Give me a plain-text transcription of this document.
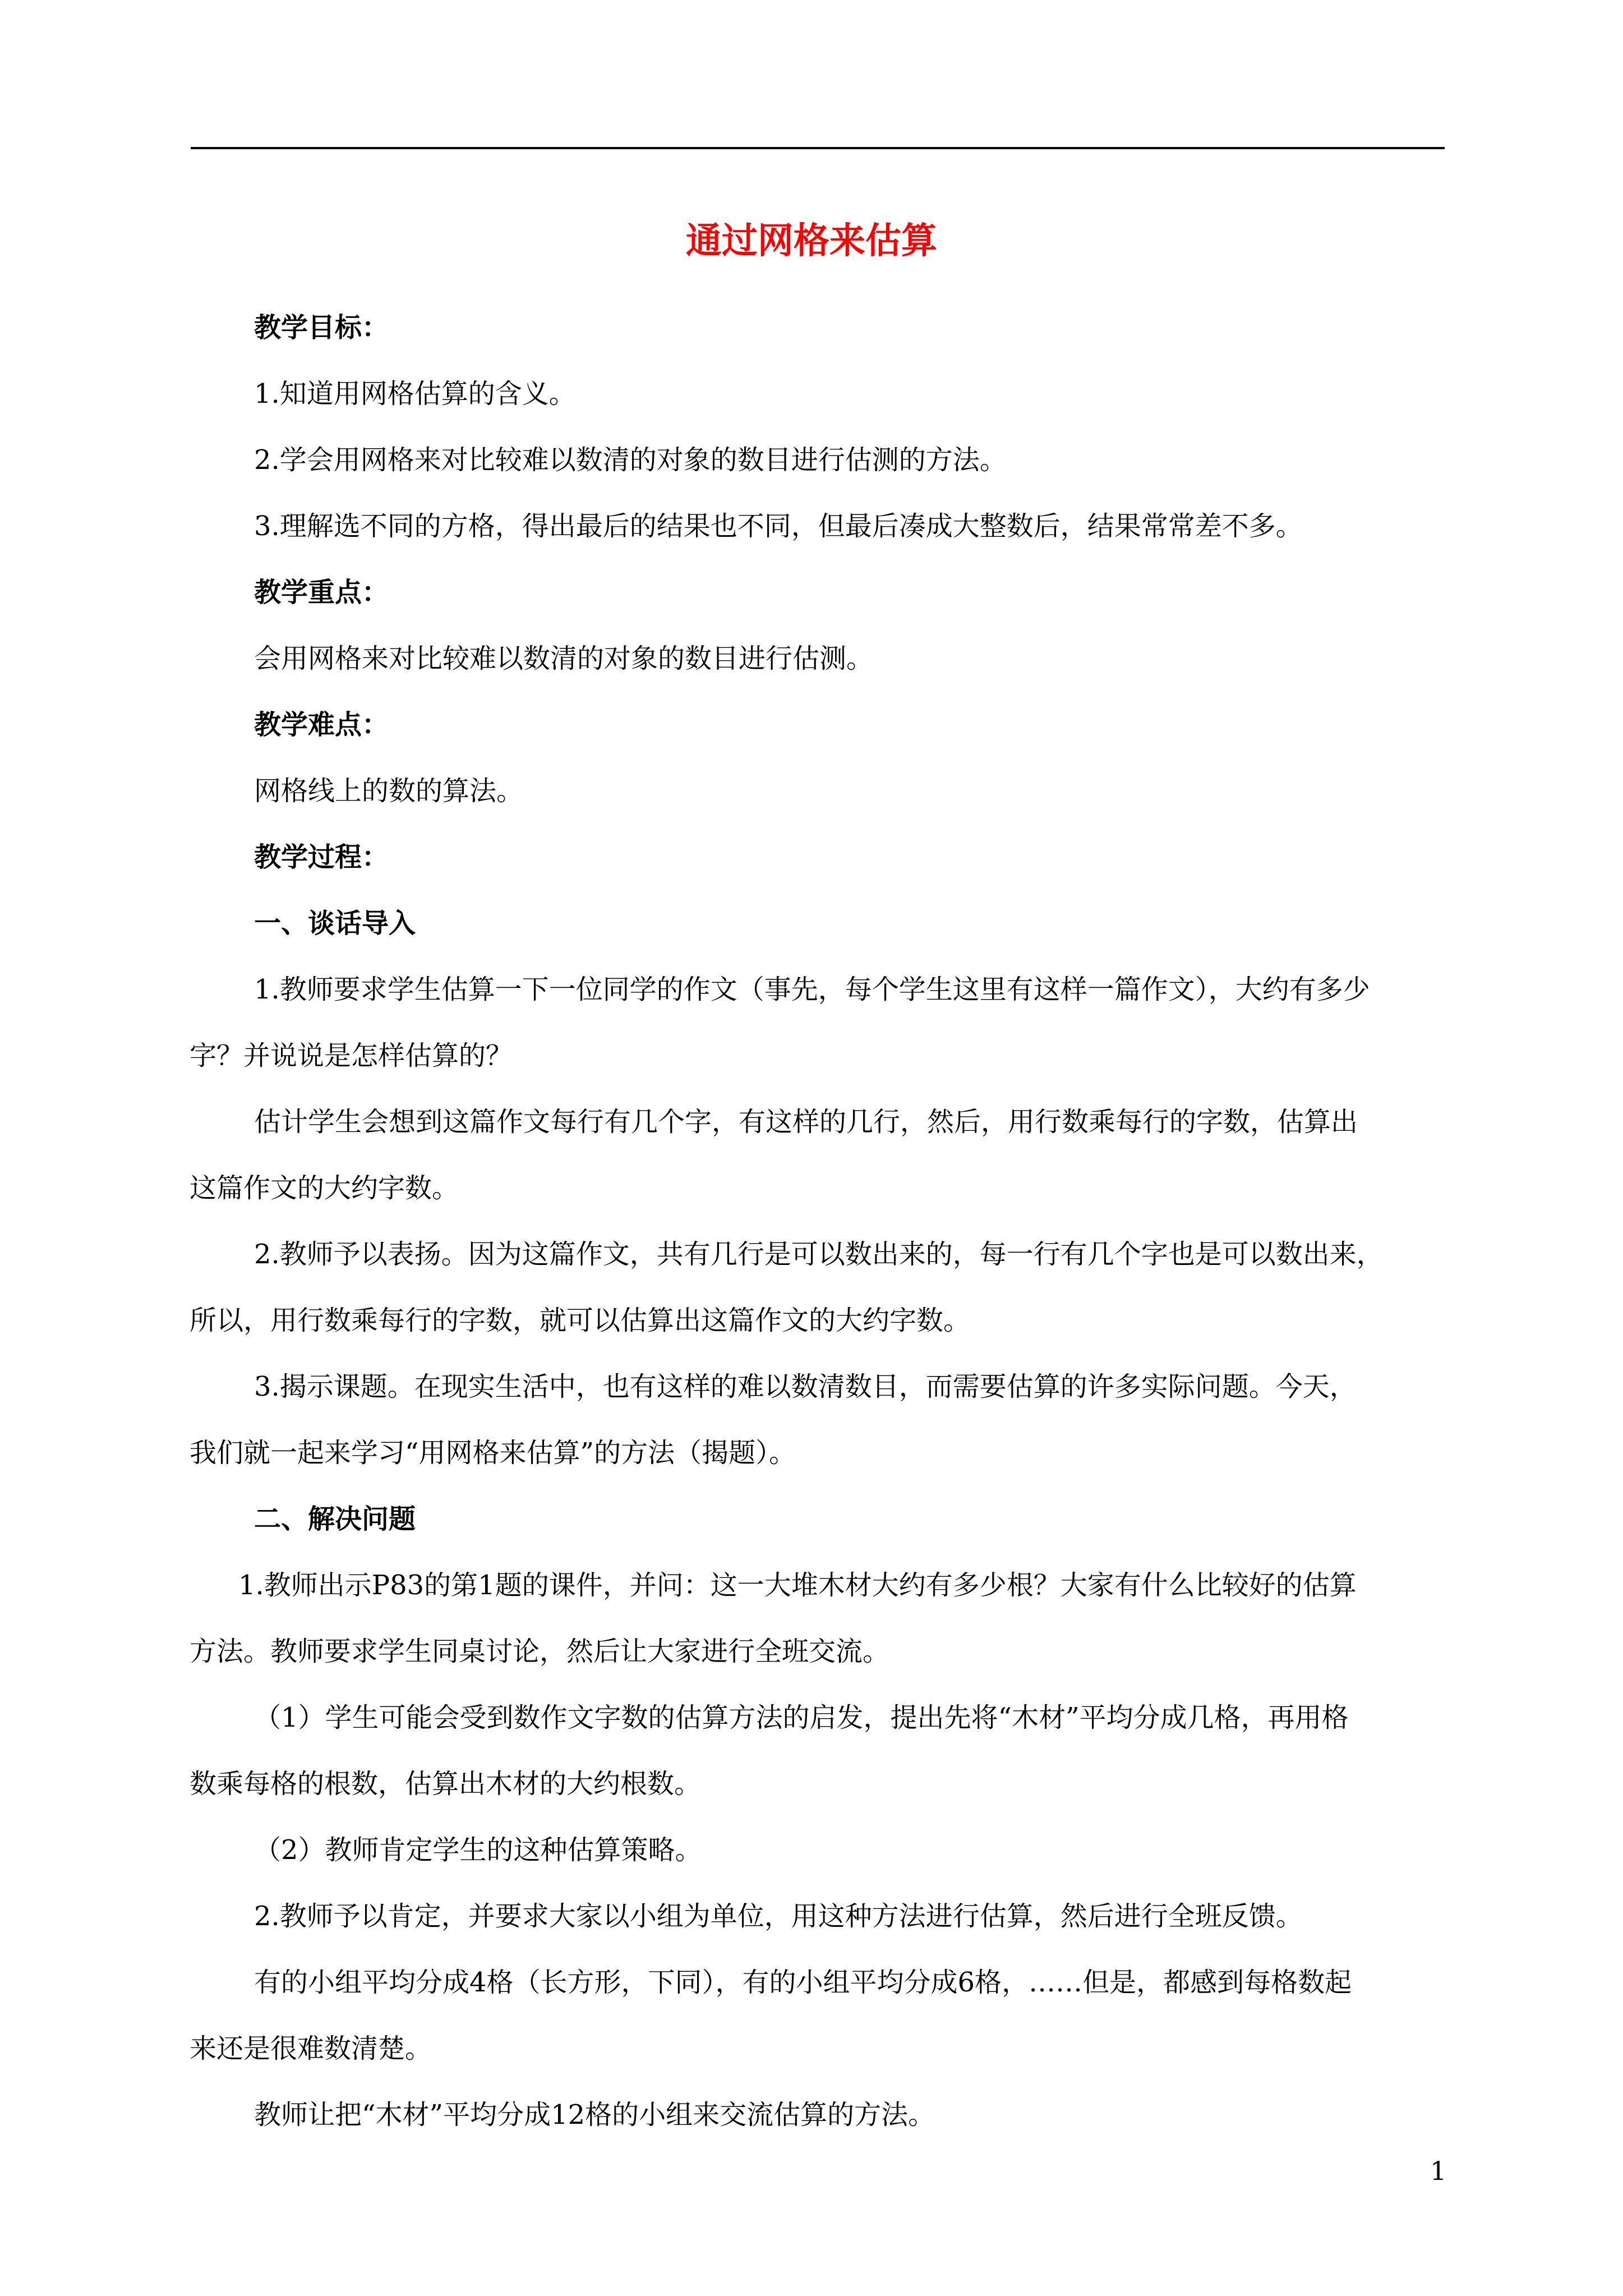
通过网格来估算

教学目标：

1.知道用网格估算的含义。

2.学会用网格来对比较难以数清的对象的数目进行估测的方法。

3.理解选不同的方格，得出最后的结果也不同，但最后凑成大整数后，结果常常差不多。

教学重点：

会用网格来对比较难以数清的对象的数目进行估测。

教学难点：

网格线上的数的算法。

教学过程：

一、谈话导入

1.教师要求学生估算一下一位同学的作文（事先，每个学生这里有这样一篇作文），大约有多少

字？并说说是怎样估算的？

估计学生会想到这篇作文每行有几个字，有这样的几行，然后，用行数乘每行的字数，估算出

这篇作文的大约字数。

2.教师予以表扬。因为这篇作文，共有几行是可以数出来的，每一行有几个字也是可以数出来，

所以，用行数乘每行的字数，就可以估算出这篇作文的大约字数。

3.揭示课题。在现实生活中，也有这样的难以数清数目，而需要估算的许多实际问题。今天，

我们就一起来学习“用网格来估算”的方法（揭题）。

二、解决问题

1.教师出示P83的第1题的课件，并问：这一大堆木材大约有多少根？大家有什么比较好的估算

方法。教师要求学生同桌讨论，然后让大家进行全班交流。

（1）学生可能会受到数作文字数的估算方法的启发，提出先将“木材”平均分成几格，再用格

数乘每格的根数，估算出木材的大约根数。

（2）教师肯定学生的这种估算策略。

2.教师予以肯定，并要求大家以小组为单位，用这种方法进行估算，然后进行全班反馈。

有的小组平均分成4格（长方形，下同），有的小组平均分成6格，……但是，都感到每格数起

来还是很难数清楚。

教师让把“木材”平均分成12格的小组来交流估算的方法。

1
